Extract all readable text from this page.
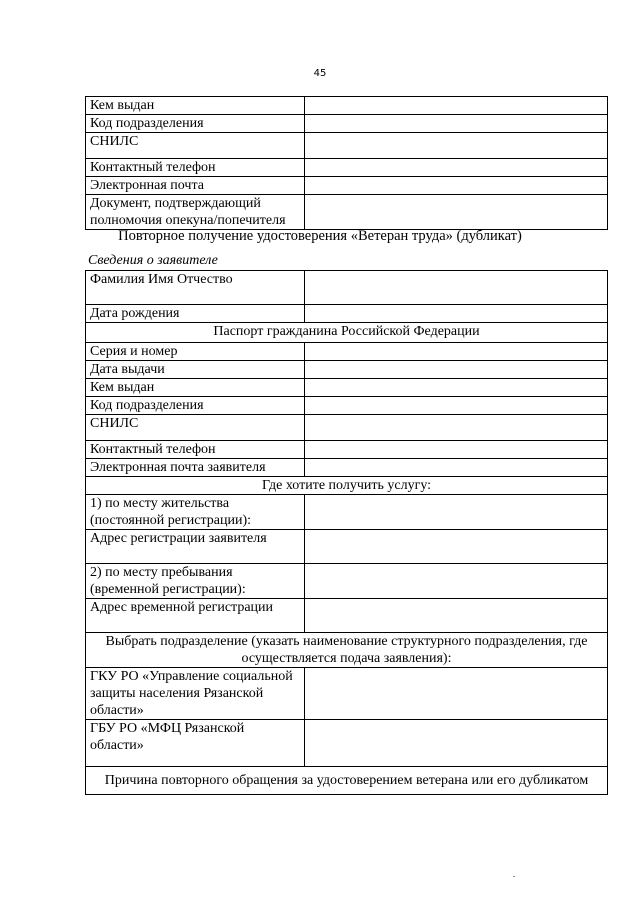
45
Кем выдан	
Код подразделения	
СНИЛС	
Контактный телефон	
Электронная почта	
Документ, подтверждающий полномочия опекуна/попечителя	
Повторное получение удостоверения «Ветеран труда» (дубликат)
Сведения о заявителе
Фамилия Имя Отчество	
Дата рождения	
Паспорт гражданина Российской Федерации	
Серия и номер	
Дата выдачи	
Кем выдан	
Код подразделения	
СНИЛС	
Контактный телефон	
Электронная почта заявителя	
Где хотите получить услугу:	
1) по месту жительства (постоянной регистрации):	
Адрес регистрации заявителя	
2) по месту пребывания (временной регистрации):	
Адрес временной регистрации	
Выбрать подразделение (указать наименование структурного подразделения, где осуществляется подача заявления):	
ГКУ РО «Управление социальной защиты населения Рязанской области»	
ГБУ РО «МФЦ Рязанской области»	
Причина повторного обращения за удостоверением ветерана или его дубликатом	
